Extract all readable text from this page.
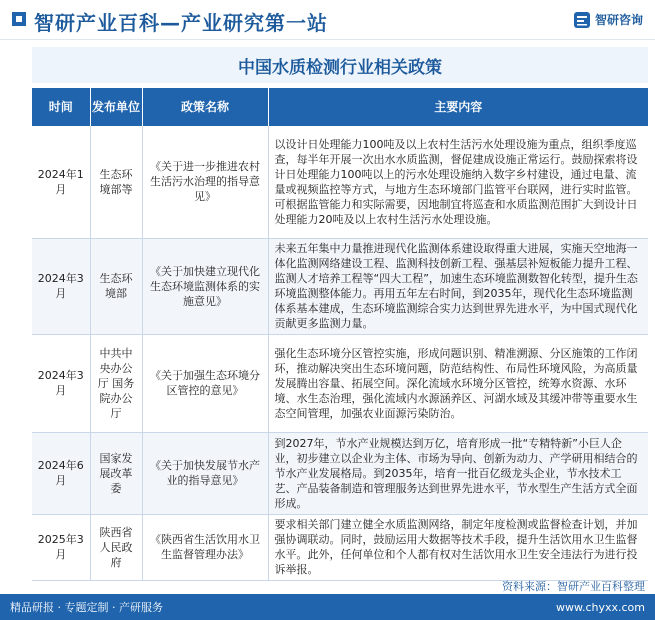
智研产业百科—产业研究第一站	智研咨询
中国水质检测行业相关政策
时间	发布单位	政策名称	主要内容
2024年1月	生态环境部等	《关于进一步推进农村生活污水治理的指导意见》	以设计日处理能力100吨及以上农村生活污水处理设施为重点，组织季度巡查，每半年开展一次出水水质监测，督促建成设施正常运行。鼓励探索将设计日处理能力100吨以上的污水处理设施纳入数字乡村建设，通过电量、流量或视频监控等方式，与地方生态环境部门监管平台联网，进行实时监管。可根据监管能力和实际需要，因地制宜将巡查和水质监测范围扩大到设计日处理能力20吨及以上农村生活污水处理设施。
2024年3月	生态环境部	《关于加快建立现代化生态环境监测体系的实施意见》	未来五年集中力量推进现代化监测体系建设取得重大进展，实施天空地海一体化监测网络建设工程、监测科技创新工程、强基层补短板能力提升工程、监测人才培养工程等“四大工程”，加速生态环境监测数智化转型，提升生态环境监测整体能力。再用五年左右时间，到2035年，现代化生态环境监测体系基本建成，生态环境监测综合实力达到世界先进水平，为中国式现代化贡献更多监测力量。
2024年3月	中共中央办公厅 国务院办公厅	《关于加强生态环境分区管控的意见》	强化生态环境分区管控实施，形成问题识别、精准溯源、分区施策的工作闭环，推动解决突出生态环境问题，防范结构性、布局性环境风险，为高质量发展腾出容量、拓展空间。深化流域水环境分区管控，统筹水资源、水环境、水生态治理，强化流域内水源涵养区、河湖水域及其缓冲带等重要水生态空间管理，加强农业面源污染防治。
2024年6月	国家发展改革委	《关于加快发展节水产业的指导意见》	到2027年，节水产业规模达到万亿，培育形成一批“专精特新”小巨人企业，初步建立以企业为主体、市场为导向、创新为动力、产学研用相结合的节水产业发展格局。到2035年，培育一批百亿级龙头企业，节水技术工艺、产品装备制造和管理服务达到世界先进水平，节水型生产生活方式全面形成。
2025年3月	陕西省人民政府	《陕西省生活饮用水卫生监督管理办法》	要求相关部门建立健全水质监测网络，制定年度检测或监督检查计划，并加强协调联动。同时，鼓励运用大数据等技术手段，提升生活饮用水卫生监督水平。此外，任何单位和个人都有权对生活饮用水卫生安全违法行为进行投诉举报。
资料来源：智研产业百科整理
精品研报 · 专题定制 · 产研服务	www.chyxx.com
